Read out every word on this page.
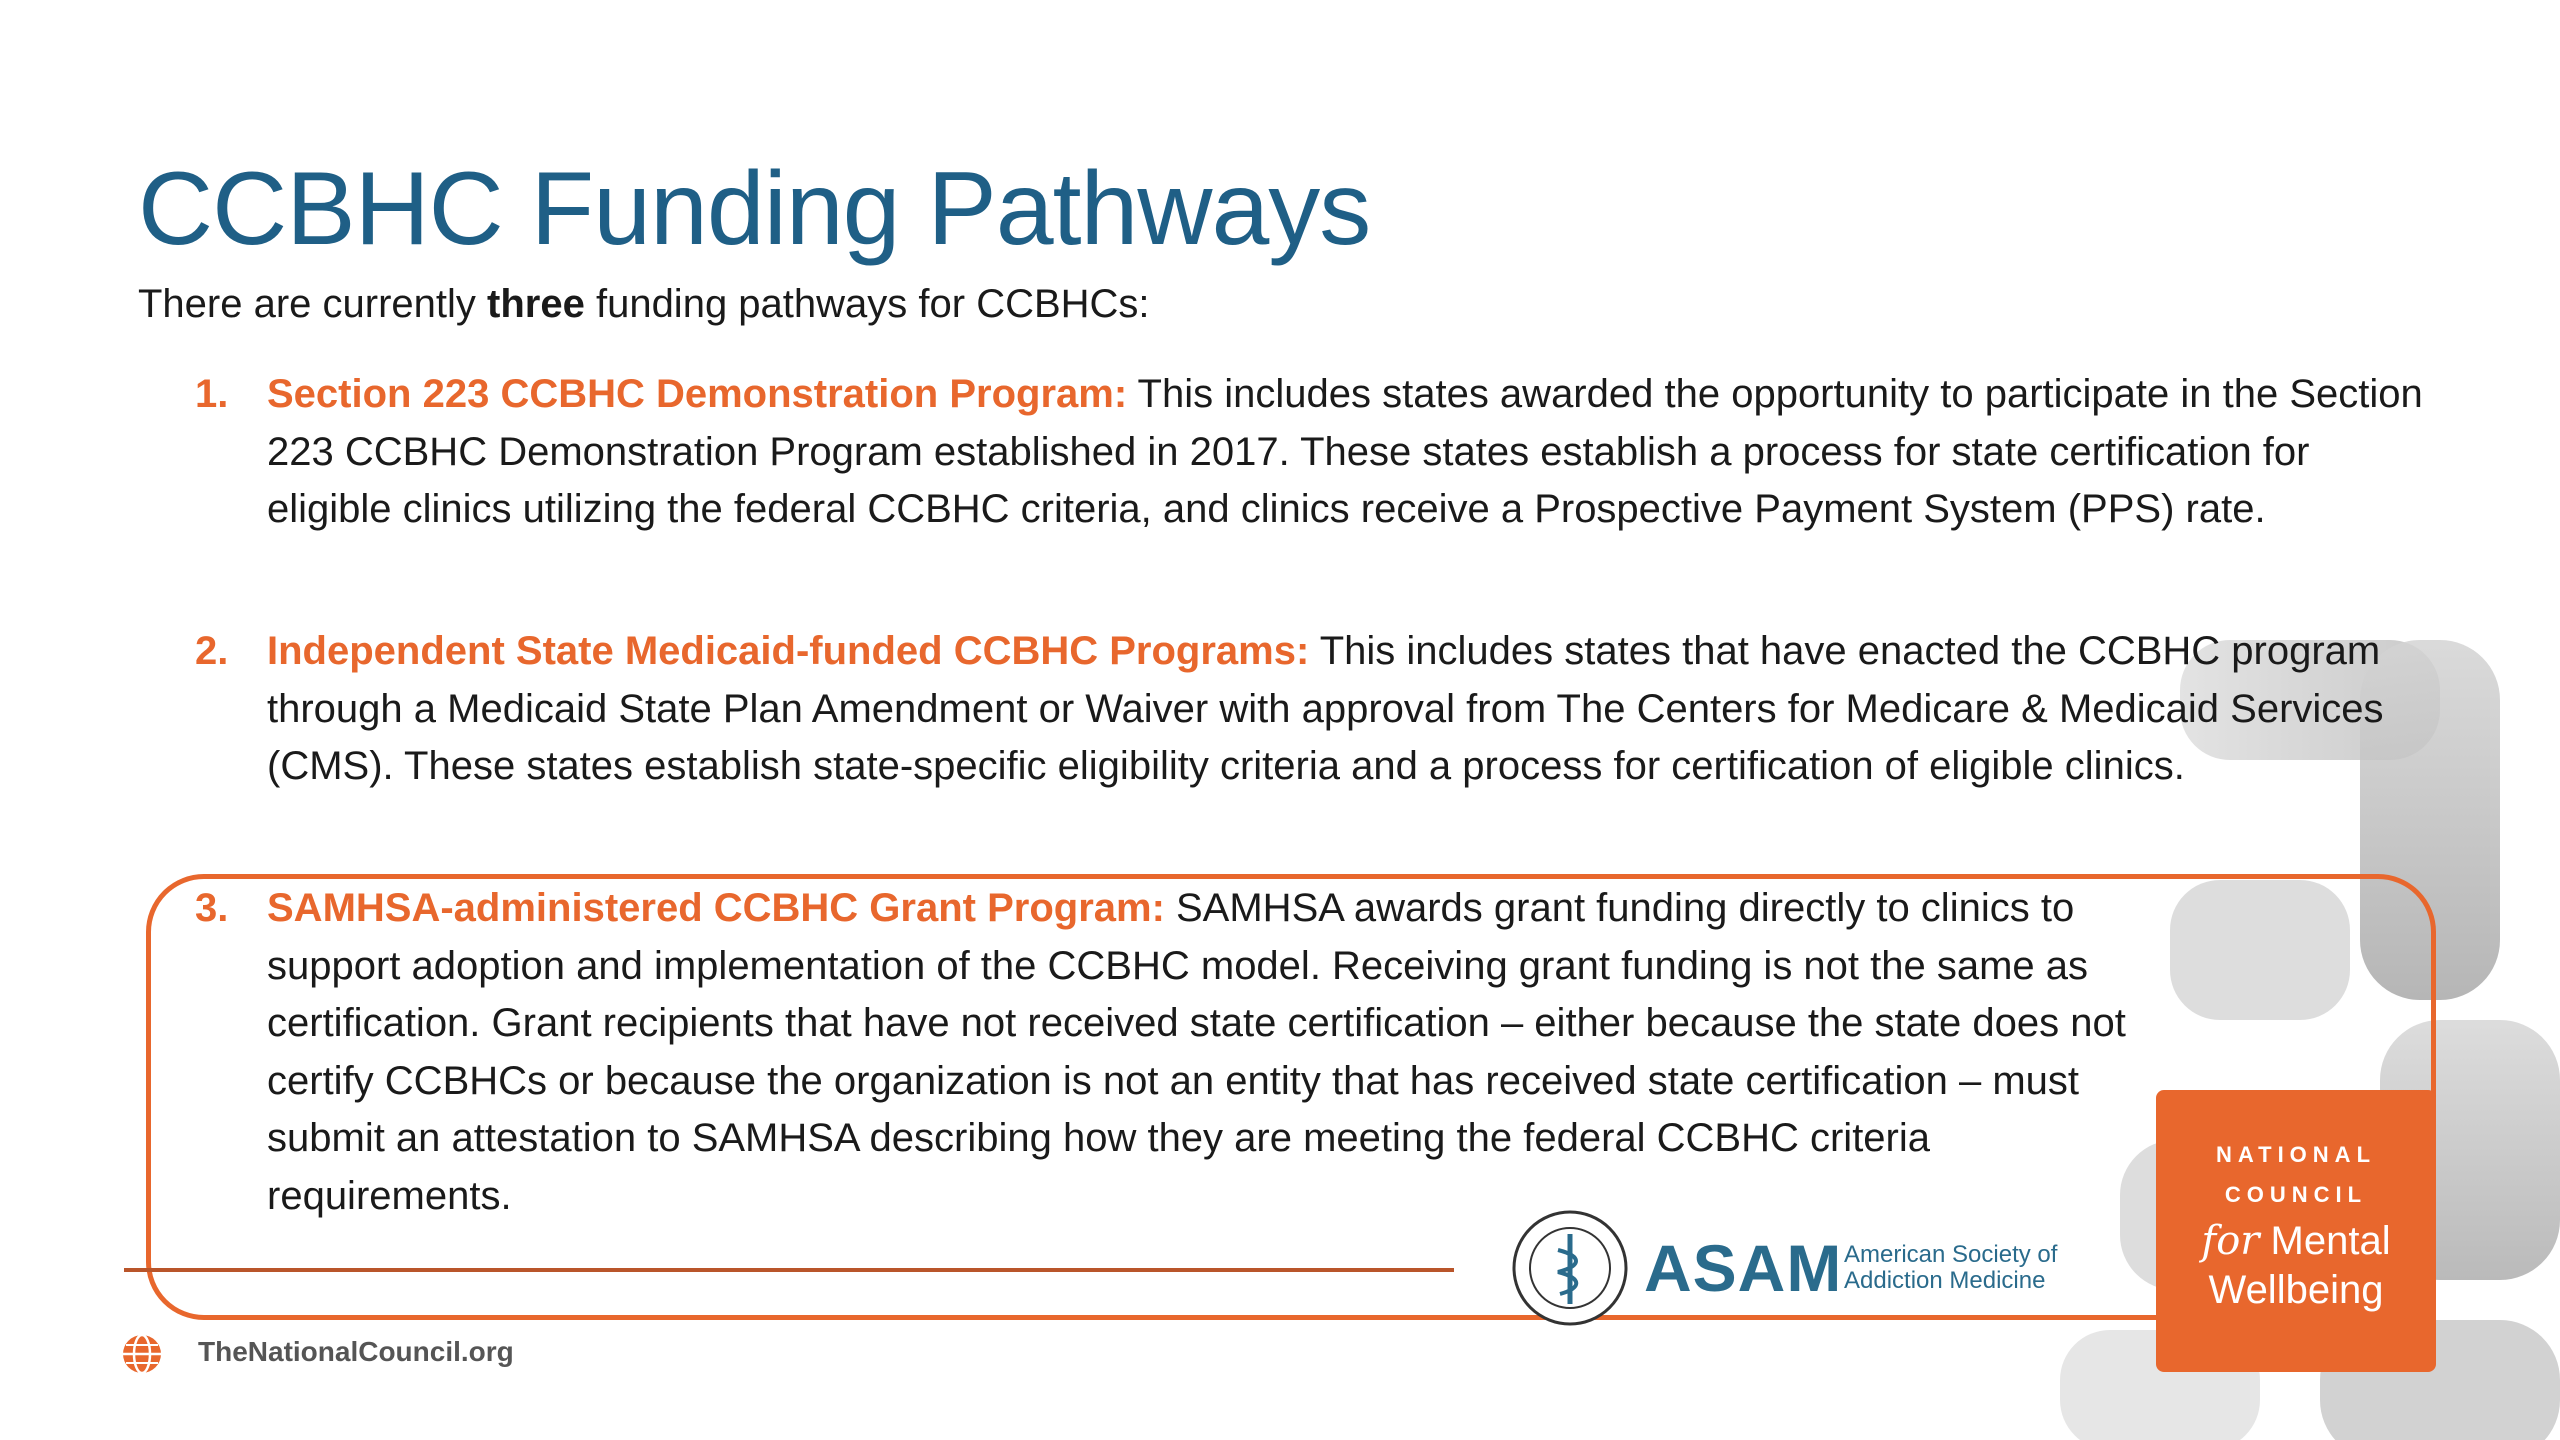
CCBHC Funding Pathways
There are currently three funding pathways for CCBHCs:
1. Section 223 CCBHC Demonstration Program: This includes states awarded the opportunity to participate in the Section 223 CCBHC Demonstration Program established in 2017. These states establish a process for state certification for eligible clinics utilizing the federal CCBHC criteria, and clinics receive a Prospective Payment System (PPS) rate.
2. Independent State Medicaid-funded CCBHC Programs: This includes states that have enacted the CCBHC program through a Medicaid State Plan Amendment or Waiver with approval from The Centers for Medicare & Medicaid Services (CMS). These states establish state-specific eligibility criteria and a process for certification of eligible clinics.
3. SAMHSA-administered CCBHC Grant Program: SAMHSA awards grant funding directly to clinics to support adoption and implementation of the CCBHC model. Receiving grant funding is not the same as certification. Grant recipients that have not received state certification – either because the state does not certify CCBHCs or because the organization is not an entity that has received state certification – must submit an attestation to SAMHSA describing how they are meeting the federal CCBHC criteria requirements.
TheNationalCouncil.org
ASAM American Society of
Addiction Medicine
NATIONAL
COUNCIL
for Mental
Wellbeing
